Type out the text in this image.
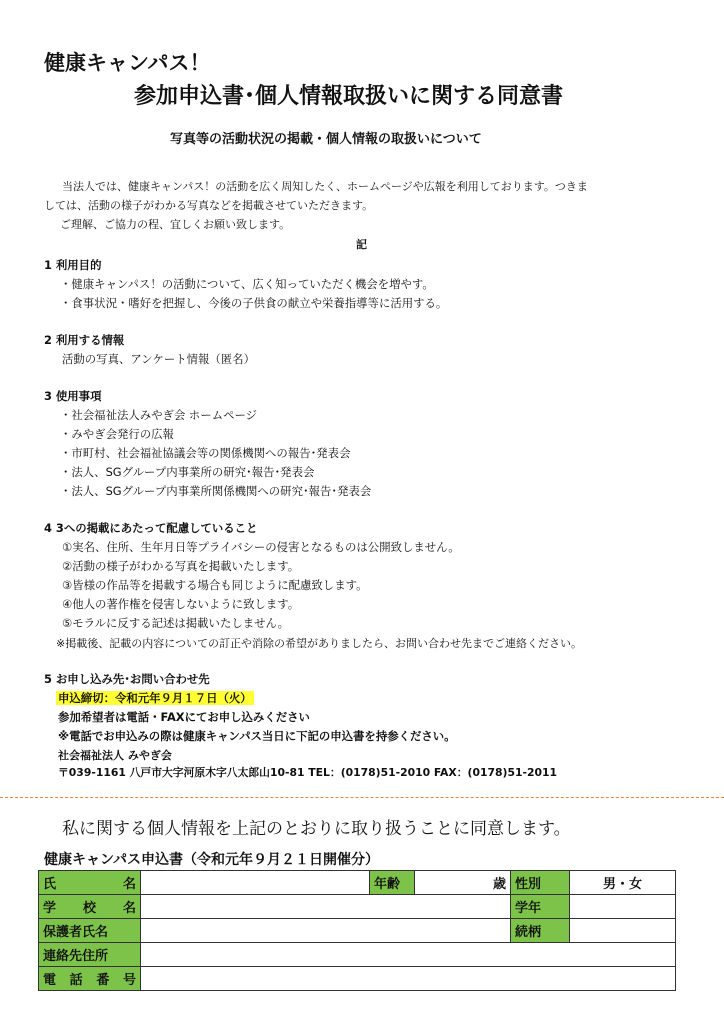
健康キャンパス！
参加申込書･個人情報取扱いに関する同意書
写真等の活動状況の掲載・個人情報の取扱いについて
当法人では、健康キャンパス！の活動を広く周知したく、ホームページや広報を利用しております。つきま
しては、活動の様子がわかる写真などを掲載させていただきます。
ご理解、ご協力の程、宜しくお願い致します。
記
1 利用目的
・健康キャンパス！の活動について、広く知っていただく機会を増やす。
・食事状況・嗜好を把握し、今後の子供食の献立や栄養指導等に活用する。
2 利用する情報
活動の写真、アンケート情報（匿名）
3 使用事項
・社会福祉法人みやぎ会 ホームページ
・みやぎ会発行の広報
・市町村、社会福祉協議会等の関係機関への報告･発表会
・法人、SGグループ内事業所の研究･報告･発表会
・法人、SGグループ内事業所関係機関への研究･報告･発表会
4 3への掲載にあたって配慮していること
①実名、住所、生年月日等プライバシーの侵害となるものは公開致しません。
②活動の様子がわかる写真を掲載いたします。
③皆様の作品等を掲載する場合も同じように配慮致します。
④他人の著作権を侵害しないように致します。
⑤モラルに反する記述は掲載いたしません。
※掲載後、記載の内容についての訂正や消除の希望がありましたら、お問い合わせ先までご連絡ください。
5 お申し込み先･お問い合わせ先
申込締切：令和元年９月１７日（火）
参加希望者は電話・FAXにてお申し込みください
※電話でお申込みの際は健康キャンパス当日に下記の申込書を持参ください。
社会福祉法人 みやぎ会
〒039-1161 八戸市大字河原木字八太郎山10-81 TEL：(0178)51-2010 FAX：(0178)51-2011
私に関する個人情報を上記のとおりに取り扱うことに同意します。
健康キャンパス申込書（令和元年９月２１日開催分）
氏 名		年齢	歳	性別	男・女

学 校 名				学年	
保護者氏名				続柄	
連絡先住所					

電 話 番 号					
